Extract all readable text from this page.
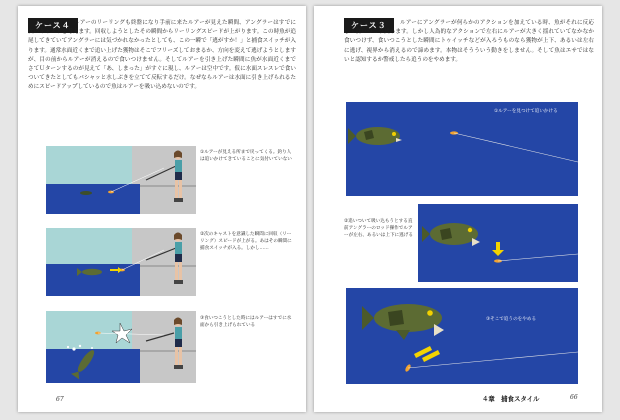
ケース４ ルアーのリーリングも終盤になり手前に来たルアーが見えた瞬間、アングラーはすでに次のキャストを考えます。回収しようとしたその瞬間からリーリングスピードが上がります。この時魚が追尾してきていてアングラーには気づかれなかったとしても、この一瞬で「逃がすか！」と捕食スイッチが入ります。通常水面近くまで追い上げた獲物はそこでフリーズしておまるか、方向を変えて逃げようとしますが、目の前からルアーが消えるので食いつけません。そしてルアーを引き上げた瞬間に魚が水面近くまでさてＵターンするのが見えて「あ、しまった」がすぐに現し、ルアーは空中です。仮に水面スレスレで食いついてきたとしてもバシャッと水しぶきを立てて反転するだけ。なぜならルアーは水面に引き上げられるためにスピードアップしているので魚はルアーを吸い込めないのです。
①ルアーが見える所まで戻ってくる。釣り人は追いかけてきていることに気付いていない
②次のキャストを意識した瞬間に回収（リーリング）スピードが上がる。あはその瞬間に捕食スイッチが入る。しかし……
③食いつこうとした時にはルアーはすでに水面から引き上げられている
67
ケース３	ルアーにアングラーが何らかのアクションを加えている時、魚がそれに反応して食いつこう試みます。しかし人為的なアクションで左右にルアーが大きく揺れていてなかなか食いつけず、食いつこうとした瞬間にトゥイッチなどが入ろうものなら獲物が上下、あるいは左右に逃げ、視界から消えるので諦めます。本物はそうういう動きをしません。そして魚はエサではないと認知するか警戒したら追うのをやめます。
①ルアーを見つけて追いかける
②追いついて吸い込もうとする直前アングラーのロッド操作でルアーが左右、あるいは上下に逃げる
③そこで追うのをやめる
４章　捕食スタイル	66
